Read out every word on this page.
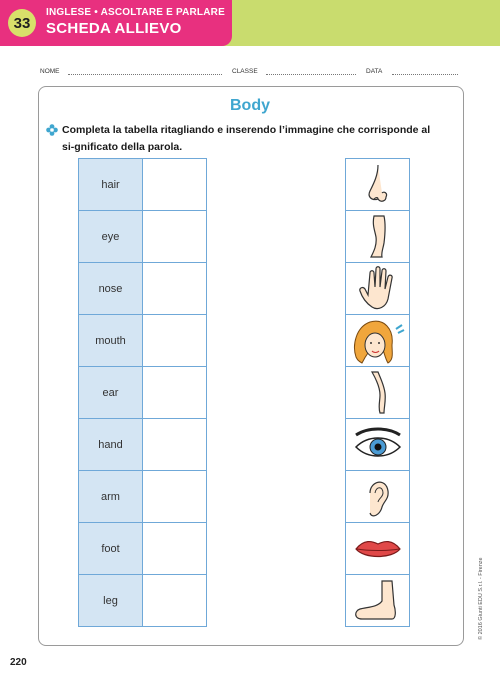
33
INGLESE • ASCOLTARE E PARLARE
SCHEDA ALLIEVO
NOME	CLASSE	DATA
Body
Completa la tabella ritagliando e inserendo l’immagine che corrisponde al si-gnificato della parola.
hair	
eye	
nose	
mouth	
ear	
hand	
arm	
foot	
leg		© 2016 Giunti EDU S.r.l. - Firenze
220
